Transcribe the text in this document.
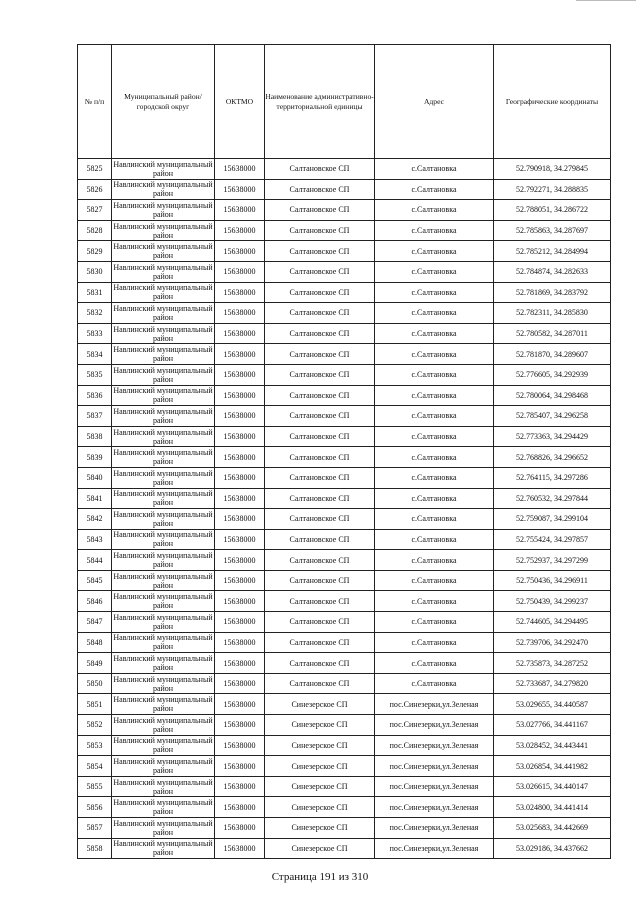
№ п/п	Муниципальный район/городской округ	ОКТМО	Наименование административно-территориальной единицы	Адрес	Географические координаты
5825	Навлинский муниципальный район	15638000	Салтановское СП	с.Салтановка	52.790918, 34.279845
5826	Навлинский муниципальный район	15638000	Салтановское СП	с.Салтановка	52.792271, 34.288835
5827	Навлинский муниципальный район	15638000	Салтановское СП	с.Салтановка	52.788051, 34.286722
5828	Навлинский муниципальный район	15638000	Салтановское СП	с.Салтановка	52.785863, 34.287697
5829	Навлинский муниципальный район	15638000	Салтановское СП	с.Салтановка	52.785212, 34.284994
5830	Навлинский муниципальный район	15638000	Салтановское СП	с.Салтановка	52.784874, 34.282633
5831	Навлинский муниципальный район	15638000	Салтановское СП	с.Салтановка	52.781869, 34.283792
5832	Навлинский муниципальный район	15638000	Салтановское СП	с.Салтановка	52.782311, 34.285830
5833	Навлинский муниципальный район	15638000	Салтановское СП	с.Салтановка	52.780582, 34.287011
5834	Навлинский муниципальный район	15638000	Салтановское СП	с.Салтановка	52.781870, 34.289607
5835	Навлинский муниципальный район	15638000	Салтановское СП	с.Салтановка	52.776605, 34.292939
5836	Навлинский муниципальный район	15638000	Салтановское СП	с.Салтановка	52.780064, 34.298468
5837	Навлинский муниципальный район	15638000	Салтановское СП	с.Салтановка	52.785407, 34.296258
5838	Навлинский муниципальный район	15638000	Салтановское СП	с.Салтановка	52.773363, 34.294429
5839	Навлинский муниципальный район	15638000	Салтановское СП	с.Салтановка	52.768826, 34.296652
5840	Навлинский муниципальный район	15638000	Салтановское СП	с.Салтановка	52.764115, 34.297286
5841	Навлинский муниципальный район	15638000	Салтановское СП	с.Салтановка	52.760532, 34.297844
5842	Навлинский муниципальный район	15638000	Салтановское СП	с.Салтановка	52.759087, 34.299104
5843	Навлинский муниципальный район	15638000	Салтановское СП	с.Салтановка	52.755424, 34.297857
5844	Навлинский муниципальный район	15638000	Салтановское СП	с.Салтановка	52.752937, 34.297299
5845	Навлинский муниципальный район	15638000	Салтановское СП	с.Салтановка	52.750436, 34.296911
5846	Навлинский муниципальный район	15638000	Салтановское СП	с.Салтановка	52.750439, 34.299237
5847	Навлинский муниципальный район	15638000	Салтановское СП	с.Салтановка	52.744605, 34.294495
5848	Навлинский муниципальный район	15638000	Салтановское СП	с.Салтановка	52.739706, 34.292470
5849	Навлинский муниципальный район	15638000	Салтановское СП	с.Салтановка	52.735873, 34.287252
5850	Навлинский муниципальный район	15638000	Салтановское СП	с.Салтановка	52.733687, 34.279820
5851	Навлинский муниципальный район	15638000	Синезерское СП	пос.Синезерки,ул.Зеленая	53.029655, 34.440587
5852	Навлинский муниципальный район	15638000	Синезерское СП	пос.Синезерки,ул.Зеленая	53.027766, 34.441167
5853	Навлинский муниципальный район	15638000	Синезерское СП	пос.Синезерки,ул.Зеленая	53.028452, 34.443441
5854	Навлинский муниципальный район	15638000	Синезерское СП	пос.Синезерки,ул.Зеленая	53.026854, 34.441982
5855	Навлинский муниципальный район	15638000	Синезерское СП	пос.Синезерки,ул.Зеленая	53.026615, 34.440147
5856	Навлинский муниципальный район	15638000	Синезерское СП	пос.Синезерки,ул.Зеленая	53.024800, 34.441414
5857	Навлинский муниципальный район	15638000	Синезерское СП	пос.Синезерки,ул.Зеленая	53.025683, 34.442669
5858	Навлинский муниципальный район	15638000	Синезерское СП	пос.Синезерки,ул.Зеленая	53.029186, 34.437662
Страница 191 из 310
